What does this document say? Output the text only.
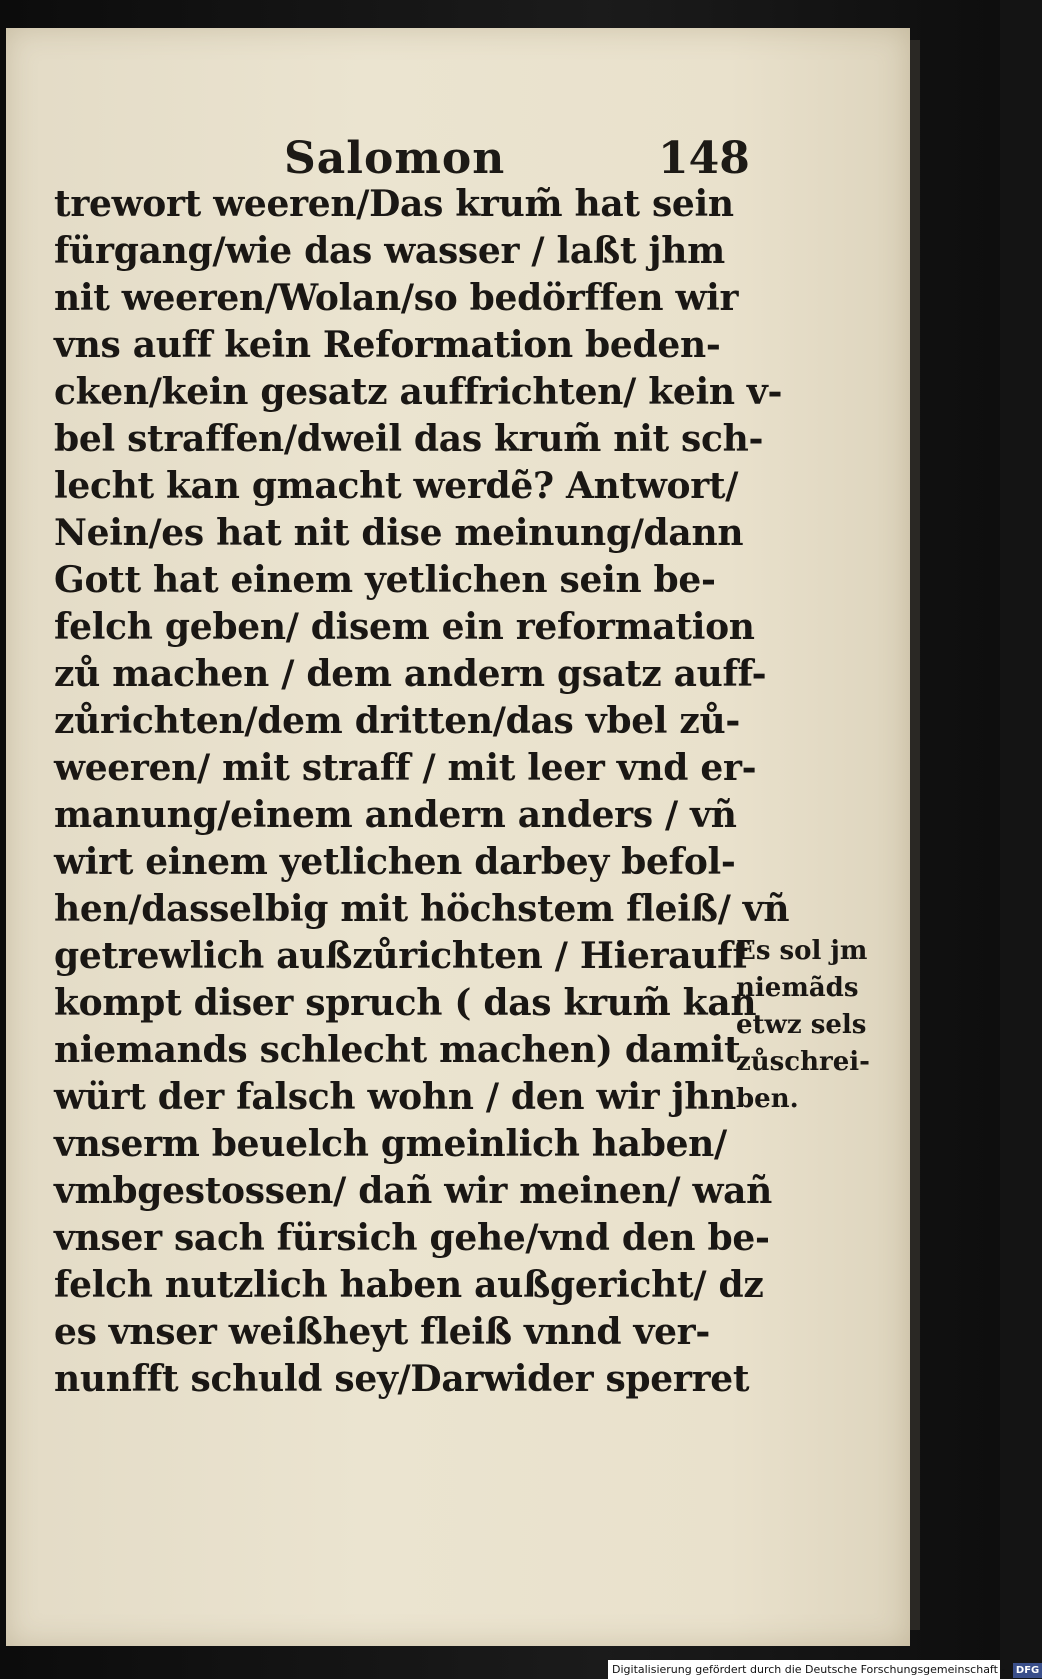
Salomon	148
trewort weeren/Das krum̃ hat sein
fürgang/wie das wasser / laßt jhm
nit weeren/Wolan/so bedörffen wir
vns auff kein Reformation beden-
cken/kein gesatz auffrichten/ kein v-
bel straffen/dweil das krum̃ nit sch-
lecht kan gmacht werdẽ? Antwort/
Nein/es hat nit dise meinung/dann
Gott hat einem yetlichen sein be-
felch geben/ disem ein reformation
zů machen / dem andern gsatz auff-
zůrichten/dem dritten/das vbel zů-
weeren/ mit straff / mit leer vnd er-
manung/einem andern anders / vñ
wirt einem yetlichen darbey befol-
hen/dasselbig mit höchstem fleiß/ vñ
getrewlich außzůrichten / Hierauff
kompt diser spruch ( das krum̃ kan
niemands schlecht machen) damit
würt der falsch wohn / den wir jhn
vnserm beuelch gmeinlich haben/
vmbgestossen/ dañ wir meinen/ wañ
vnser sach fürsich gehe/vnd den be-
felch nutzlich haben außgericht/ dz
es vnser weißheyt fleiß vnnd ver-
nunfft schuld sey/Darwider sperret
Es sol jm
niemãds
etwz sels
zůschrei-
ben.
Digitalisierung gefördert durch die Deutsche Forschungsgemeinschaft - DFG
